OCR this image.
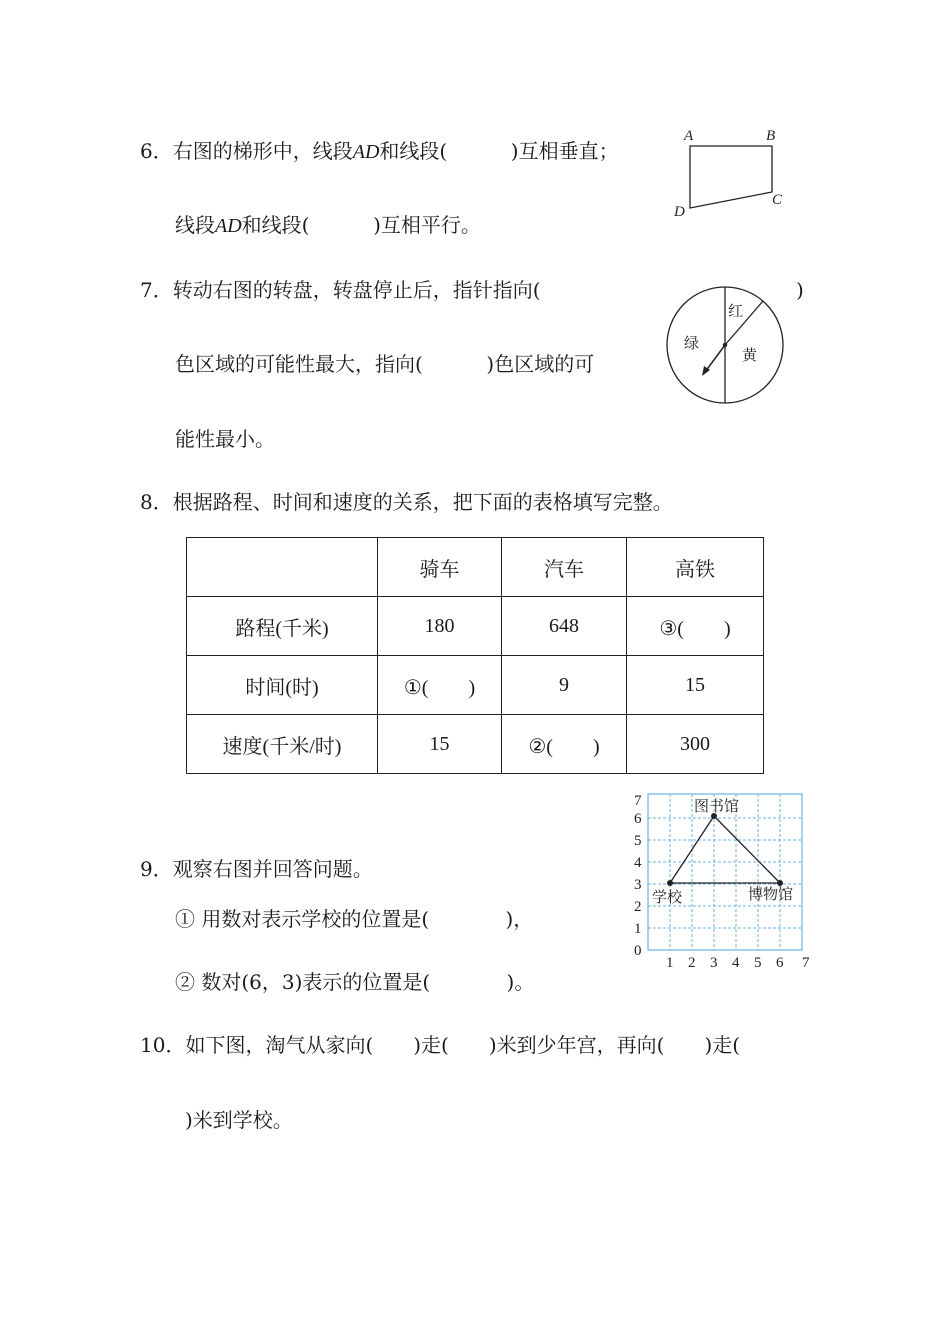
6．右图的梯形中，线段AD和线段(	)互相垂直；
线段AD和线段(	)互相平行。
A	B
C
D
7．转动右图的转盘，转盘停止后，指针指向(	)
色区域的可能性最大，指向(	)色区域的可
能性最小。
红
绿
黄
8．根据路程、时间和速度的关系，把下面的表格填写完整。
	骑车	汽车	高铁
路程(千米)	180	648	③(　　)
时间(时)	①(　　)	9	15
速度(千米/时)	15	②(　　)	300
9．观察右图并回答问题。
① 用数对表示学校的位置是(	)，
② 数对(6，3)表示的位置是(	)。
7
6
5
4
3
2
1
0
1 2 3 4 5 6 7
图书馆
学校	博物馆
10．如下图，淘气从家向(　　)走(　　)米到少年宫，再向(　　)走(
)米到学校。
